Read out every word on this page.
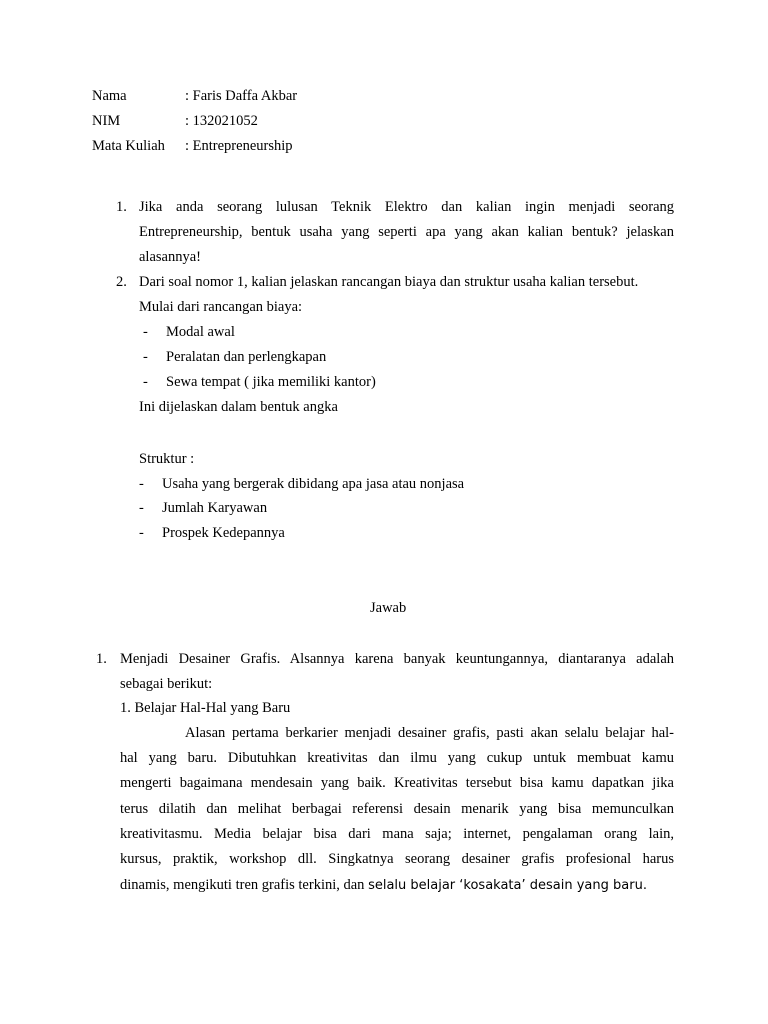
Nama	: Faris Daffa Akbar
NIM	: 132021052
Mata Kuliah : Entrepreneurship
1. Jika anda seorang lulusan Teknik Elektro dan kalian ingin menjadi seorang
Entrepreneurship, bentuk usaha yang seperti apa yang akan kalian bentuk? jelaskan
alasannya!
2. Dari soal nomor 1, kalian jelaskan rancangan biaya dan struktur usaha kalian tersebut.
Mulai dari rancangan biaya:
- Modal awal
- Peralatan dan perlengkapan
- Sewa tempat ( jika memiliki kantor)
Ini dijelaskan dalam bentuk angka
Struktur :
- Usaha yang bergerak dibidang apa jasa atau nonjasa
- Jumlah Karyawan
- Prospek Kedepannya
Jawab
1. Menjadi Desainer Grafis. Alsannya karena banyak keuntungannya, diantaranya adalah
sebagai berikut:
1. Belajar Hal-Hal yang Baru
Alasan pertama berkarier menjadi desainer grafis, pasti akan selalu belajar hal-
hal yang baru. Dibutuhkan kreativitas dan ilmu yang cukup untuk membuat kamu
mengerti bagaimana mendesain yang baik. Kreativitas tersebut bisa kamu dapatkan jika
terus dilatih dan melihat berbagai referensi desain menarik yang bisa memunculkan
kreativitasmu. Media belajar bisa dari mana saja; internet, pengalaman orang lain,
kursus, praktik, workshop dll. Singkatnya seorang desainer grafis profesional harus
dinamis, mengikuti tren grafis terkini, dan selalu belajar ‘kosakata’ desain yang baru.
